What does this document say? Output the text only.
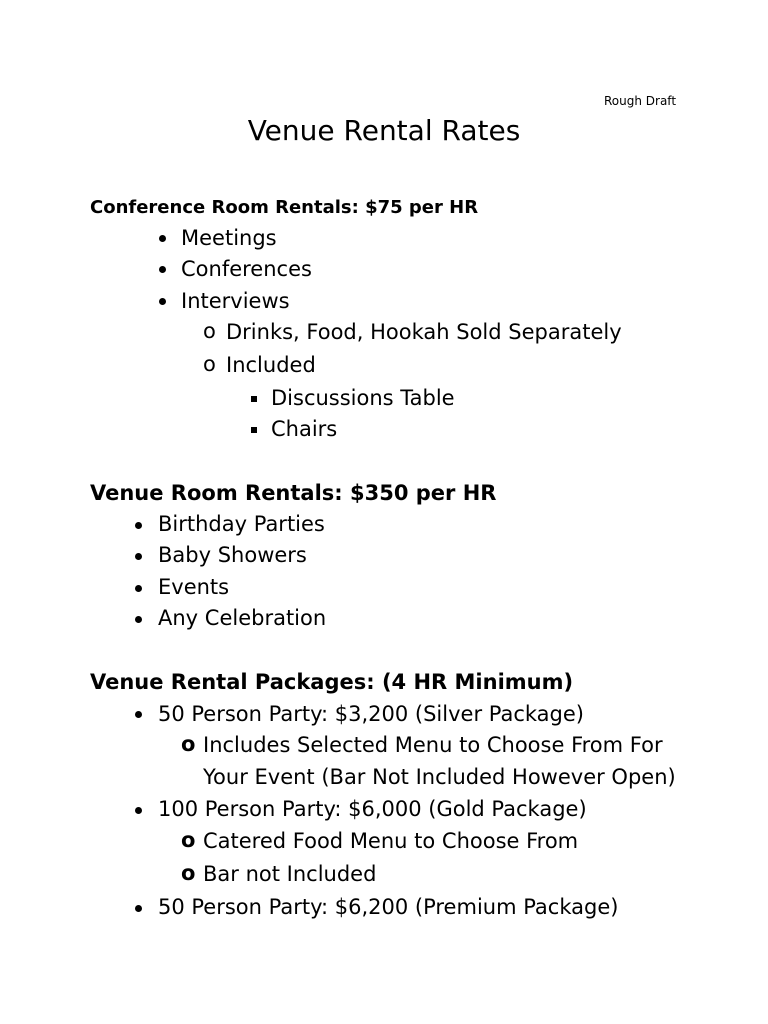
Rough Draft
Venue Rental Rates
Conference Room Rentals: $75 per HR
Meetings
Conferences
Interviews
o Drinks, Food, Hookah Sold Separately
o Included
Discussions Table
Chairs
Venue Room Rentals: $350 per HR
Birthday Parties
Baby Showers
Events
Any Celebration
Venue Rental Packages: (4 HR Minimum)
50 Person Party: $3,200 (Silver Package)
o Includes Selected Menu to Choose From For
Your Event (Bar Not Included However Open)
100 Person Party: $6,000 (Gold Package)
o Catered Food Menu to Choose From
o Bar not Included
50 Person Party: $6,200 (Premium Package)
